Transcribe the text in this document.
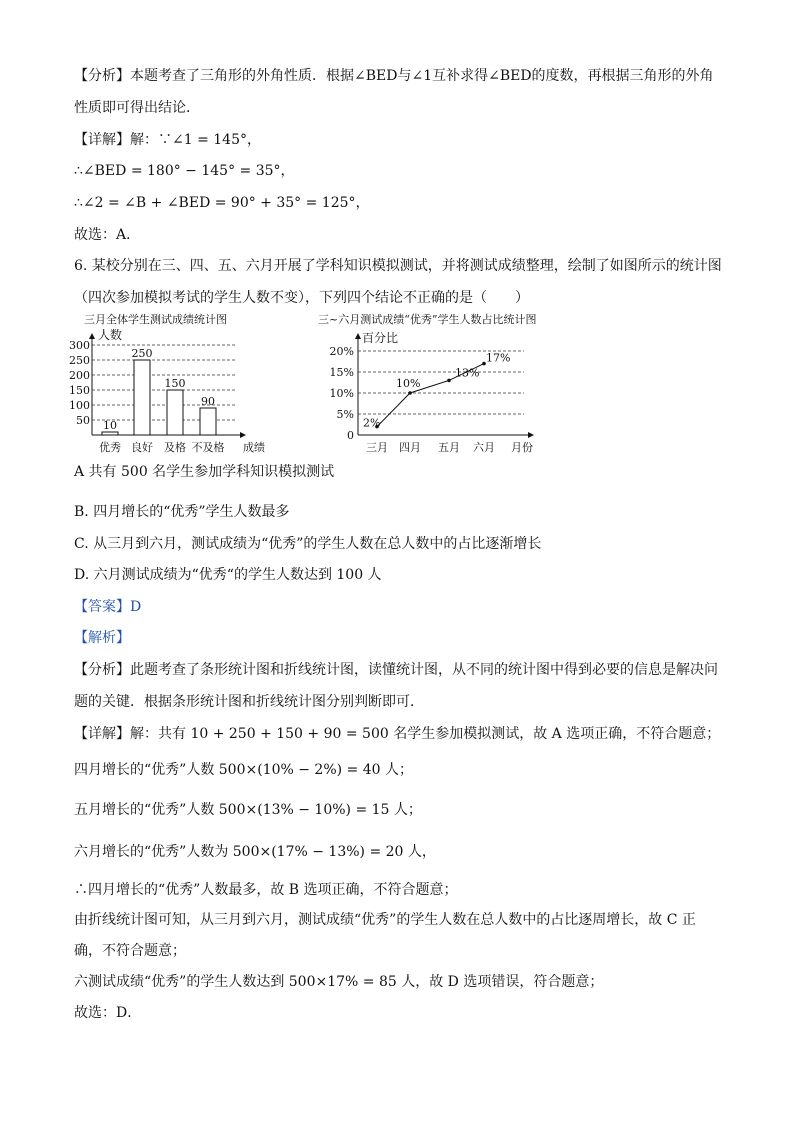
【分析】本题考查了三角形的外角性质．根据∠BED与∠1互补求得∠BED的度数，再根据三角形的外角
性质即可得出结论．
【详解】解：∵∠1 = 145°，
∴∠BED = 180° − 145° = 35°，
∴∠2 = ∠B + ∠BED = 90° + 35° = 125°，
故选：A．
6. 某校分别在三、四、五、六月开展了学科知识模拟测试，并将测试成绩整理，绘制了如图所示的统计图
（四次参加模拟考试的学生人数不变），下列四个结论不正确的是（　　）
三月全体学生测试成绩统计图
人数
50
100
150
200
250
300
10
优秀
250
良好
150
及格
90
不及格 成绩
三~六月测试成绩“优秀”学生人数占比统计图
百分比
0
5%
10%
15%
20%
2%
三月
10%
四月
13%
五月
17%
六月 月份
A 共有 500 名学生参加学科知识模拟测试
B. 四月增长的“优秀”学生人数最多
C. 从三月到六月，测试成绩为“优秀”的学生人数在总人数中的占比逐渐增长
D. 六月测试成绩为“优秀“的学生人数达到 100 人
【答案】D
【解析】
【分析】此题考查了条形统计图和折线统计图，读懂统计图，从不同的统计图中得到必要的信息是解决问
题的关键．根据条形统计图和折线统计图分别判断即可．
【详解】解：共有 10 + 250 + 150 + 90 = 500 名学生参加模拟测试，故 A 选项正确，不符合题意；
四月增长的“优秀”人数 500×(10% − 2%) = 40 人；
五月增长的“优秀”人数 500×(13% − 10%) = 15 人；
六月增长的“优秀”人数为 500×(17% − 13%) = 20 人，
∴四月增长的“优秀”人数最多，故 B 选项正确，不符合题意；
由折线统计图可知，从三月到六月，测试成绩“优秀”的学生人数在总人数中的占比逐周增长，故 C 正
确，不符合题意；
六测试成绩“优秀”的学生人数达到 500×17% = 85 人，故 D 选项错误，符合题意；
故选：D．
